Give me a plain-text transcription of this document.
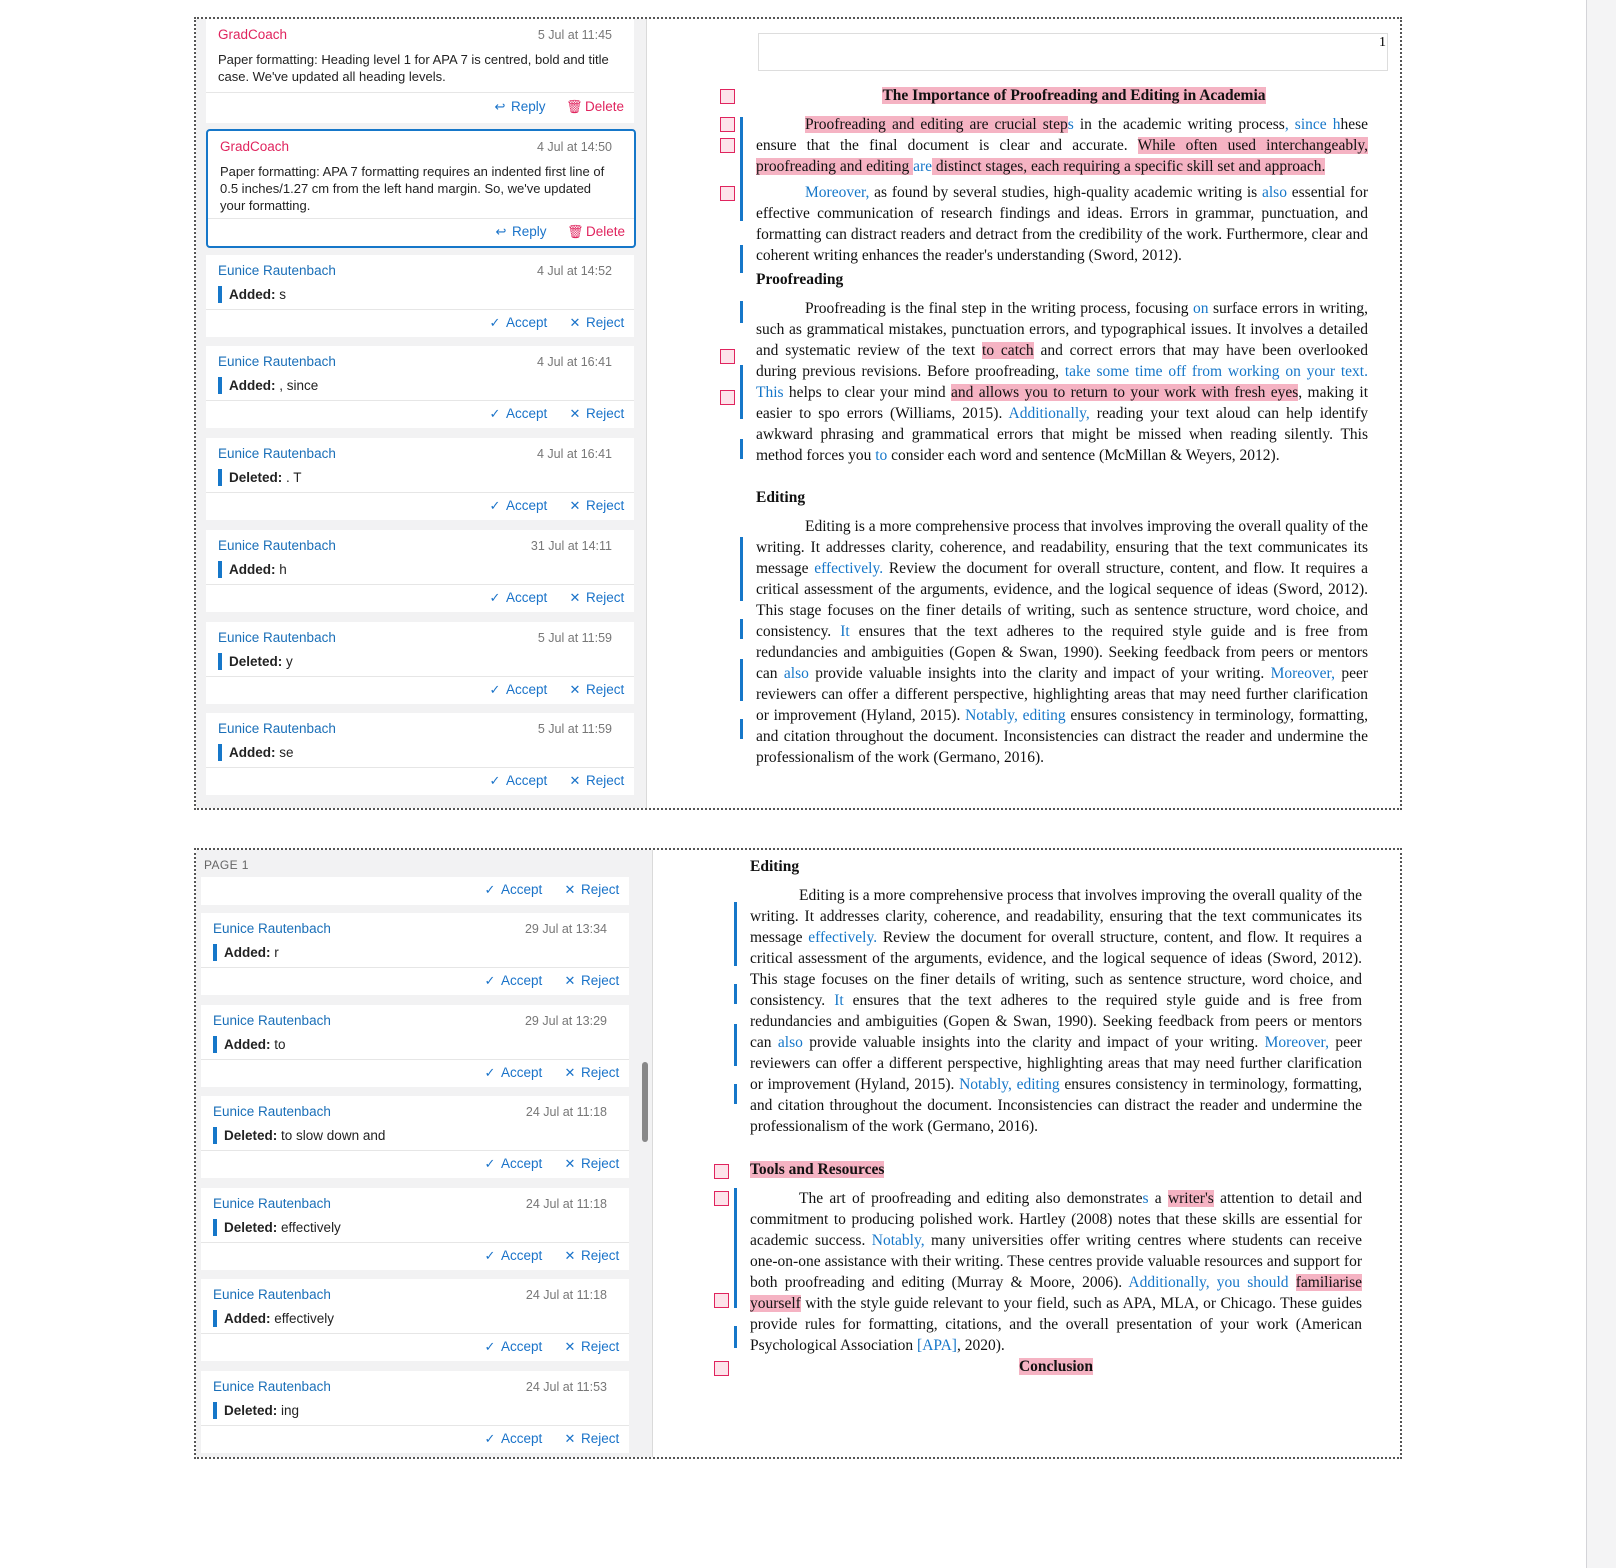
GradCoach	5 Jul at 11:45
Paper formatting: Heading level 1 for APA 7 is centred, bold and title case. We've updated all heading levels.
↩ Reply 🗑 Delete
GradCoach	4 Jul at 14:50
Paper formatting: APA 7 formatting requires an indented first line of 0.5 inches/1.27 cm from the left hand margin. So, we've updated your formatting.
↩ Reply 🗑 Delete
Eunice Rautenbach	4 Jul at 14:52
Added: s
✓ Accept ✕ Reject
Eunice Rautenbach	4 Jul at 16:41
Added: , since
✓ Accept ✕ Reject
Eunice Rautenbach	4 Jul at 16:41
Deleted: . T
✓ Accept ✕ Reject
Eunice Rautenbach	31 Jul at 14:11
Added: h
✓ Accept ✕ Reject
Eunice Rautenbach	5 Jul at 11:59
Deleted: y
✓ Accept ✕ Reject
Eunice Rautenbach	5 Jul at 11:59
Added: se
✓ Accept ✕ Reject
1
The Importance of Proofreading and Editing in Academia
Proofreading and editing are crucial steps in the academic writing process, since hhese ensure that the final document is clear and accurate. While often used interchangeably, proofreading and editing are distinct stages, each requiring a specific skill set and approach.
Moreover, as found by several studies, high-quality academic writing is also essential for effective communication of research findings and ideas. Errors in grammar, punctuation, and formatting can distract readers and detract from the credibility of the work. Furthermore, clear and coherent writing enhances the reader's understanding (Sword, 2012).
Proofreading
Proofreading is the final step in the writing process, focusing on surface errors in writing, such as grammatical mistakes, punctuation errors, and typographical issues. It involves a detailed and systematic review of the text to catch and correct errors that may have been overlooked during previous revisions. Before proofreading, take some time off from working on your text. This helps to clear your mind and allows you to return to your work with fresh eyes, making it easier to spo errors (Williams, 2015). Additionally, reading your text aloud can help identify awkward phrasing and grammatical errors that might be missed when reading silently. This method forces you to consider each word and sentence (McMillan & Weyers, 2012).
Editing
Editing is a more comprehensive process that involves improving the overall quality of the writing. It addresses clarity, coherence, and readability, ensuring that the text communicates its message effectively. Review the document for overall structure, content, and flow. It requires a critical assessment of the arguments, evidence, and the logical sequence of ideas (Sword, 2012). This stage focuses on the finer details of writing, such as sentence structure, word choice, and consistency. It ensures that the text adheres to the required style guide and is free from redundancies and ambiguities (Gopen & Swan, 1990). Seeking feedback from peers or mentors can also provide valuable insights into the clarity and impact of your writing. Moreover, peer reviewers can offer a different perspective, highlighting areas that may need further clarification or improvement (Hyland, 2015). Notably, editing ensures consistency in terminology, formatting, and citation throughout the document. Inconsistencies can distract the reader and undermine the professionalism of the work (Germano, 2016).
PAGE 1
✓ Accept ✕ Reject
Eunice Rautenbach	29 Jul at 13:34
Added: r
✓ Accept ✕ Reject
Eunice Rautenbach	29 Jul at 13:29
Added: to
✓ Accept ✕ Reject
Eunice Rautenbach	24 Jul at 11:18
Deleted: to slow down and
✓ Accept ✕ Reject
Eunice Rautenbach	24 Jul at 11:18
Deleted: effectively
✓ Accept ✕ Reject
Eunice Rautenbach	24 Jul at 11:18
Added: effectively
✓ Accept ✕ Reject
Eunice Rautenbach	24 Jul at 11:53
Deleted: ing
✓ Accept ✕ Reject
Editing
Editing is a more comprehensive process that involves improving the overall quality of the writing. It addresses clarity, coherence, and readability, ensuring that the text communicates its message effectively. Review the document for overall structure, content, and flow. It requires a critical assessment of the arguments, evidence, and the logical sequence of ideas (Sword, 2012). This stage focuses on the finer details of writing, such as sentence structure, word choice, and consistency. It ensures that the text adheres to the required style guide and is free from redundancies and ambiguities (Gopen & Swan, 1990). Seeking feedback from peers or mentors can also provide valuable insights into the clarity and impact of your writing. Moreover, peer reviewers can offer a different perspective, highlighting areas that may need further clarification or improvement (Hyland, 2015). Notably, editing ensures consistency in terminology, formatting, and citation throughout the document. Inconsistencies can distract the reader and undermine the professionalism of the work (Germano, 2016).
Tools and Resources
The art of proofreading and editing also demonstrates a writer's attention to detail and commitment to producing polished work. Hartley (2008) notes that these skills are essential for academic success. Notably, many universities offer writing centres where students can receive one-on-one assistance with their writing. These centres provide valuable resources and support for both proofreading and editing (Murray & Moore, 2006). Additionally, you should familiarise yourself with the style guide relevant to your field, such as APA, MLA, or Chicago. These guides provide rules for formatting, citations, and the overall presentation of your work (American Psychological Association [APA], 2020).
Conclusion
